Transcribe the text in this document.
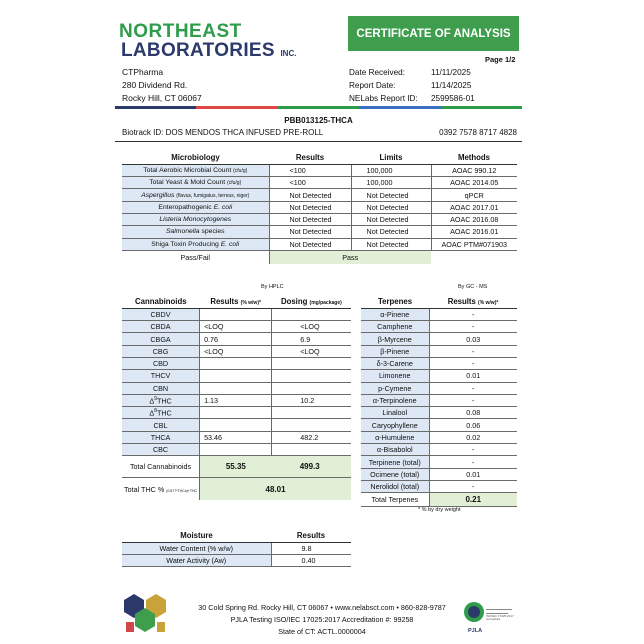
NORTHEAST
LABORATORIES INC.
CERTIFICATE OF ANALYSIS
Page 1/2
CTPharma
280 Dividend Rd.
Rocky Hill, CT 06067
Date Received:	11/11/2025
Report Date:	11/14/2025
NELabs Report ID:	2599586-01
PBB013125-THCA
Biotrack ID: DOS MENDOS THCA INFUSED PRE-ROLL	0392 7578 8717 4828
Microbiology	Results	Limits	Methods
Total Aerobic Microbial Count (cfu/g)	<100	100,000	AOAC 990.12
Total Yeast & Mold Count (cfu/g)	<100	100,000	AOAC 2014.05
Aspergillus (flavus, fumigatus, terreus, niger)	Not Detected	Not Detected	qPCR
Enteropathogenic E. coli	Not Detected	Not Detected	AOAC 2017.01
Listeria Monocytogenes	Not Detected	Not Detected	AOAC 2016.08
Salmonella species	Not Detected	Not Detected	AOAC 2016.01
Shiga Toxin Producing E. coli	Not Detected	Not Detected	AOAC PTM#071903
Pass/Fail	Pass		
By HPLC	By GC - MS
Cannabinoids	Results (% w/w)*	Dosing (mg/package)
CBDV		
CBDA	<LOQ	<LOQ
CBGA	0.76	6.9
CBG	<LOQ	<LOQ
CBD		
THCV		
CBN		
$\Delta^9THC$	1.13	10.2
$\Delta^8THC$		
CBL		
THCA	53.46	482.2
CBC		
Total Cannabinoids	55.35	499.3
Total THC % (0.877*THCa)+THC	48.01	
Terpenes	Results (% w/w)*
α-Pinene	-
Camphene	-
β-Myrcene	0.03
β-Pinene	-
δ-3-Carene	-
Limonene	0.01
p-Cymene	-
α-Terpinolene	-
Linalool	0.08
Caryophyllene	0.06
α-Humulene	0.02
α-Bisabolol	-
Terpinene (total)	-
Ocimene (total)	0.01
Nerolidol (total)	-
Total Terpenes	0.21
* % by dry weight
Moisture	Results
Water Content (% w/w)	9.8
Water Activity (Aw)	0.40
30 Cold Spring Rd. Rocky Hill, CT 06067 • www.nelabsct.com • 860-828-9787
PJLA Testing ISO/IEC 17025:2017 Accreditation #: 99258
State of CT: ACTL.0000004
ISO/IEC 17025:2017 Accredited
PJLA
